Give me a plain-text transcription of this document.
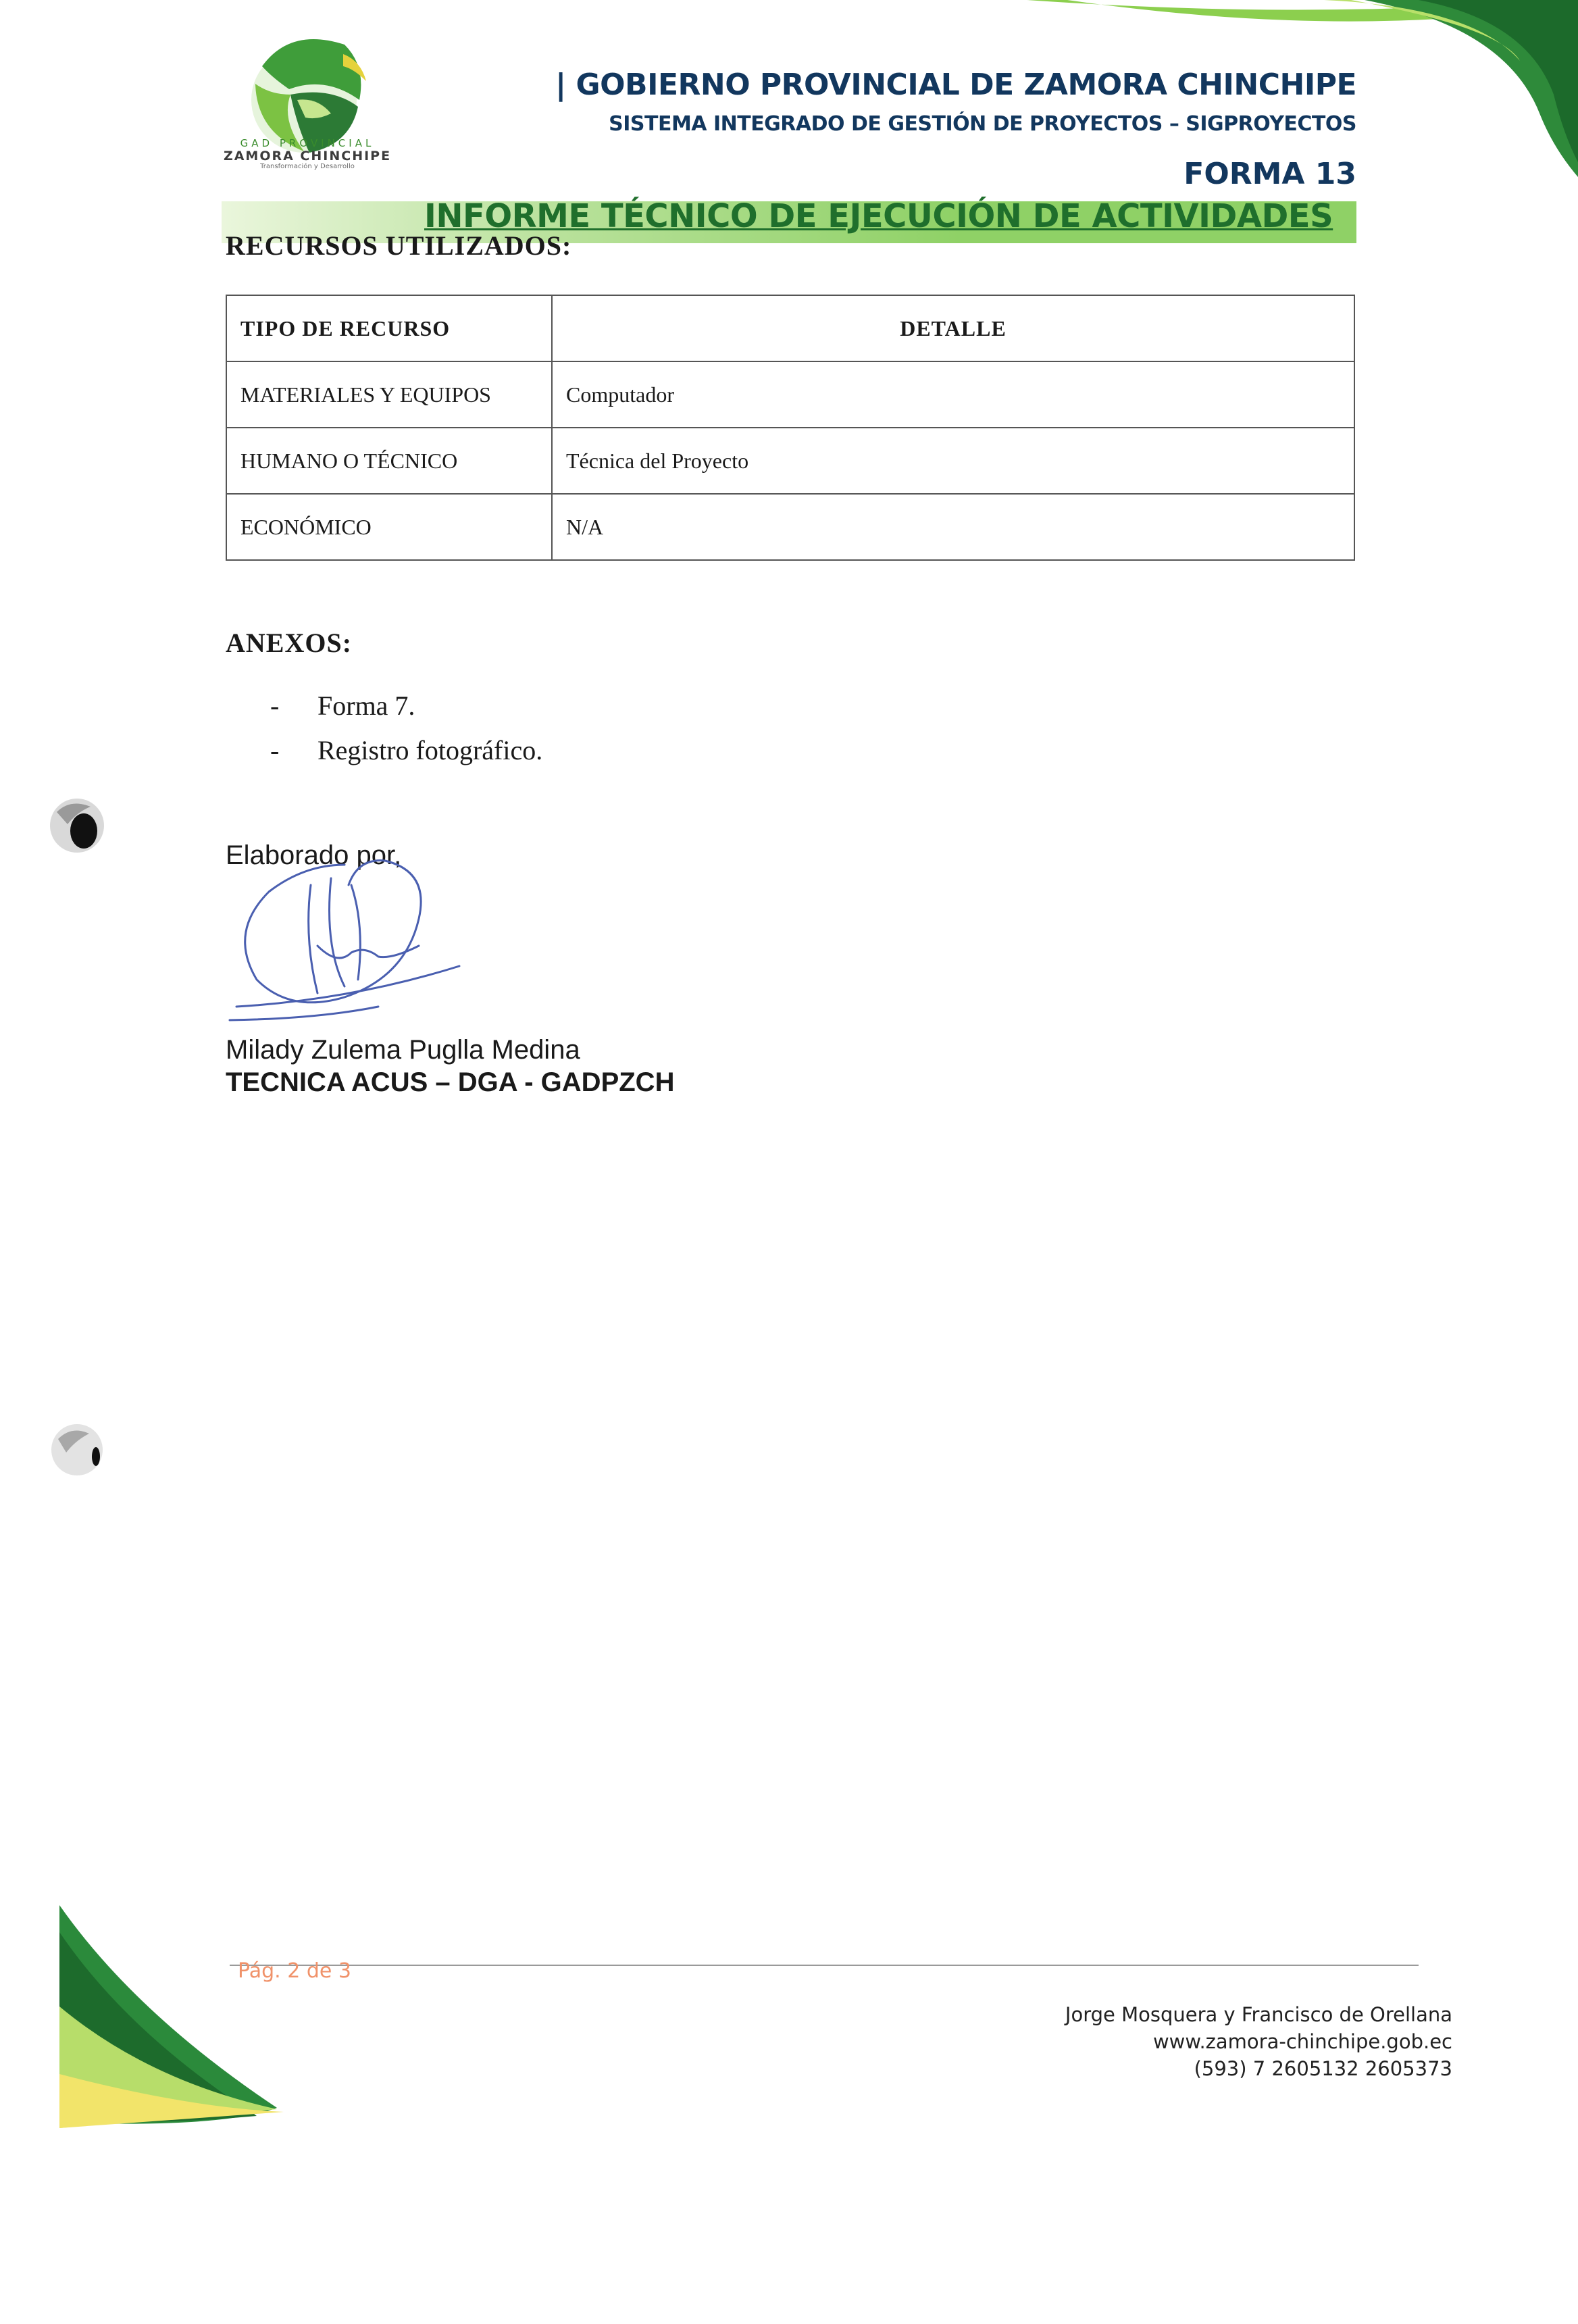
GAD PROVINCIAL
ZAMORA CHINCHIPE
Transformación y Desarrollo
| GOBIERNO PROVINCIAL DE ZAMORA CHINCHIPE
SISTEMA INTEGRADO DE GESTIÓN DE PROYECTOS – SIGPROYECTOS
FORMA 13
INFORME TÉCNICO DE EJECUCIÓN DE ACTIVIDADES
RECURSOS UTILIZADOS:
TIPO DE RECURSO	DETALLE
MATERIALES Y EQUIPOS	Computador
HUMANO O TÉCNICO	Técnica del Proyecto
ECONÓMICO	N/A
ANEXOS:
- Forma 7.
- Registro fotográfico.
Elaborado por,
Milady Zulema Puglla Medina
TECNICA ACUS – DGA - GADPZCH
Pág. 2 de 3
Jorge Mosquera y Francisco de Orellana
www.zamora-chinchipe.gob.ec
(593) 7 2605132 2605373
